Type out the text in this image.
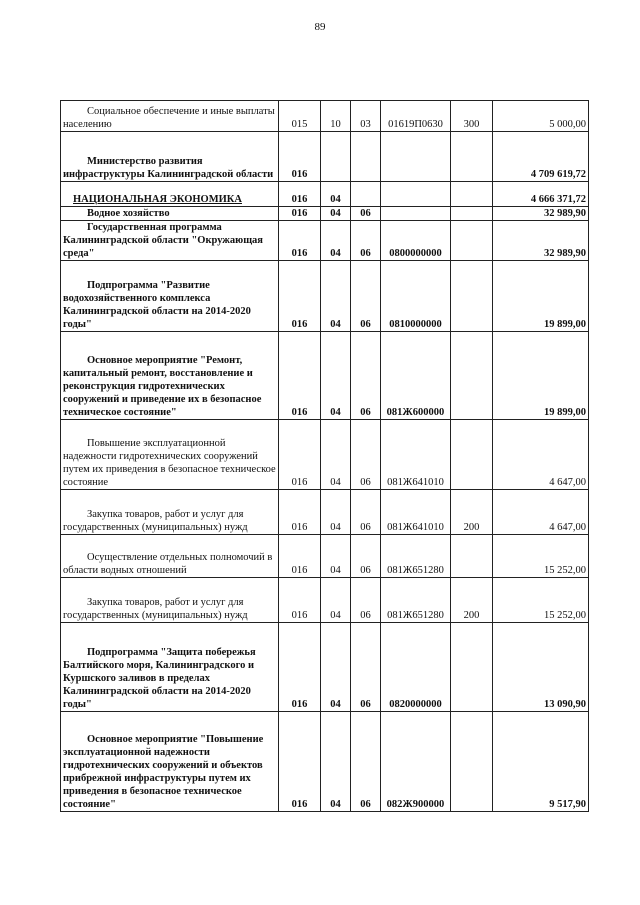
89
Социальное обеспечение и иные выплаты населению	015	10	03	01619П0630	300	5 000,00

Министерство развития инфраструктуры Калининградской области	016					4 709 619,72

НАЦИОНАЛЬНАЯ ЭКОНОМИКА	016	04				4 666 371,72

Водное хозяйство	016	04	06			32 989,90

Государственная программа Калининградской области "Окружающая среда"	016	04	06	0800000000		32 989,90

Подпрограмма "Развитие водохозяйственного комплекса Калининградской области на 2014-2020 годы"	016	04	06	0810000000		19 899,00

Основное мероприятие "Ремонт, капитальный ремонт, восстановление и реконструкция гидротехнических сооружений и приведение их в безопасное техническое состояние"	016	04	06	081Ж600000		19 899,00

Повышение эксплуатационной надежности гидротехнических сооружений путем их приведения в безопасное техническое состояние	016	04	06	081Ж641010		4 647,00

Закупка товаров, работ и услуг для государственных (муниципальных) нужд	016	04	06	081Ж641010	200	4 647,00

Осуществление отдельных полномочий в области водных отношений	016	04	06	081Ж651280		15 252,00

Закупка товаров, работ и услуг для государственных (муниципальных) нужд	016	04	06	081Ж651280	200	15 252,00

Подпрограмма "Защита побережья Балтийского моря, Калининградского и Куршского заливов в пределах Калининградской области на 2014-2020 годы"	016	04	06	0820000000		13 090,90

Основное мероприятие "Повышение эксплуатационной надежности гидротехнических сооружений и объектов прибрежной инфраструктуры путем их приведения в безопасное техническое состояние"	016	04	06	082Ж900000		9 517,90
